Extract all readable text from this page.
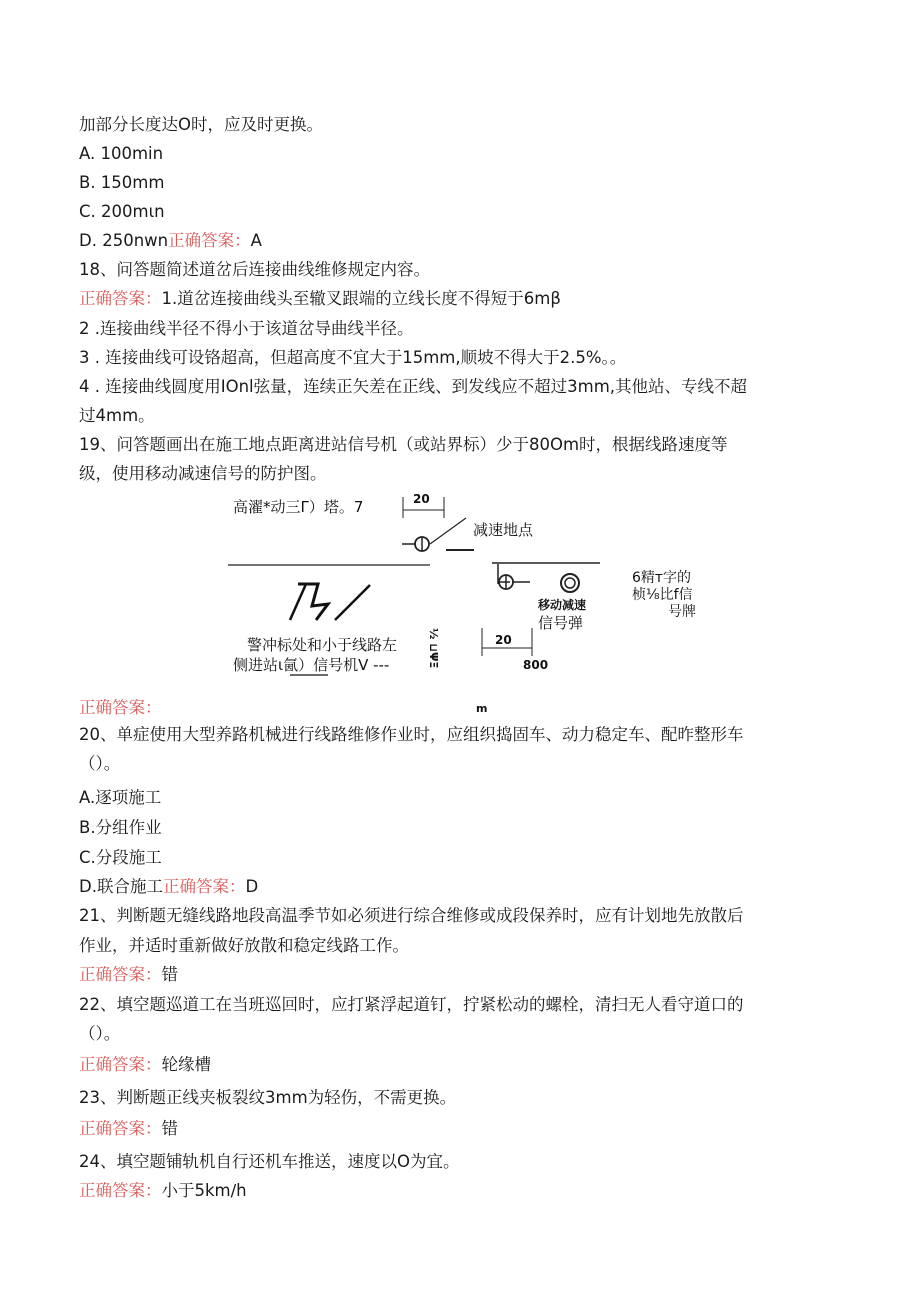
加部分长度达O时，应及时更换。
A. 100min
B. 150mm
C. 200mιn
D. 250nwn正确答案：A
18、问答题简述道岔后连接曲线维修规定内容。
正确答案：1.道岔连接曲线头至辙叉跟端的立线长度不得短于6mβ
2 .连接曲线半径不得小于该道岔导曲线半径。
3 . 连接曲线可设铬超高，但超高度不宜大于15mm,顺坡不得大于2.5%。。
4 . 连接曲线圆度用IOnl弦量，连续正矢差在正线、到发线应不超过3mm,其他站、专线不超
过4mm。
19、问答题画出在施工地点距离进站信号机（或站界标）少于80Om时，根据线路速度等
级，使用移动减速信号的防护图。
高濯*动三Γ）塔。7	20
减速地点
6精т字的
桢⅛比f信
号牌
移动减速
信号弹
20
800
½ ⊔ΨΞ
警冲标处和小于线路左
侧进站ι氤）信号机V ---
正确答案：	m
20、单症使用大型养路机械进行线路维修作业时，应组织捣固车、动力稳定车、配昨整形车
（）。
A.逐项施工
B.分组作业
C.分段施工
D.联合施工正确答案：D
21、判断题无缝线路地段高温季节如必须进行综合维修或成段保养时，应有计划地先放散后
作业，并适时重新做好放散和稳定线路工作。
正确答案：错
22、填空题巡道工在当班巡回时，应打紧浮起道钉，拧紧松动的螺栓，清扫无人看守道口的
（）。
正确答案：轮缘槽
23、判断题正线夹板裂纹3mm为轻伤，不需更换。
正确答案：错
24、填空题铺轨机自行还机车推送，速度以O为宜。
正确答案：小于5km∕h
